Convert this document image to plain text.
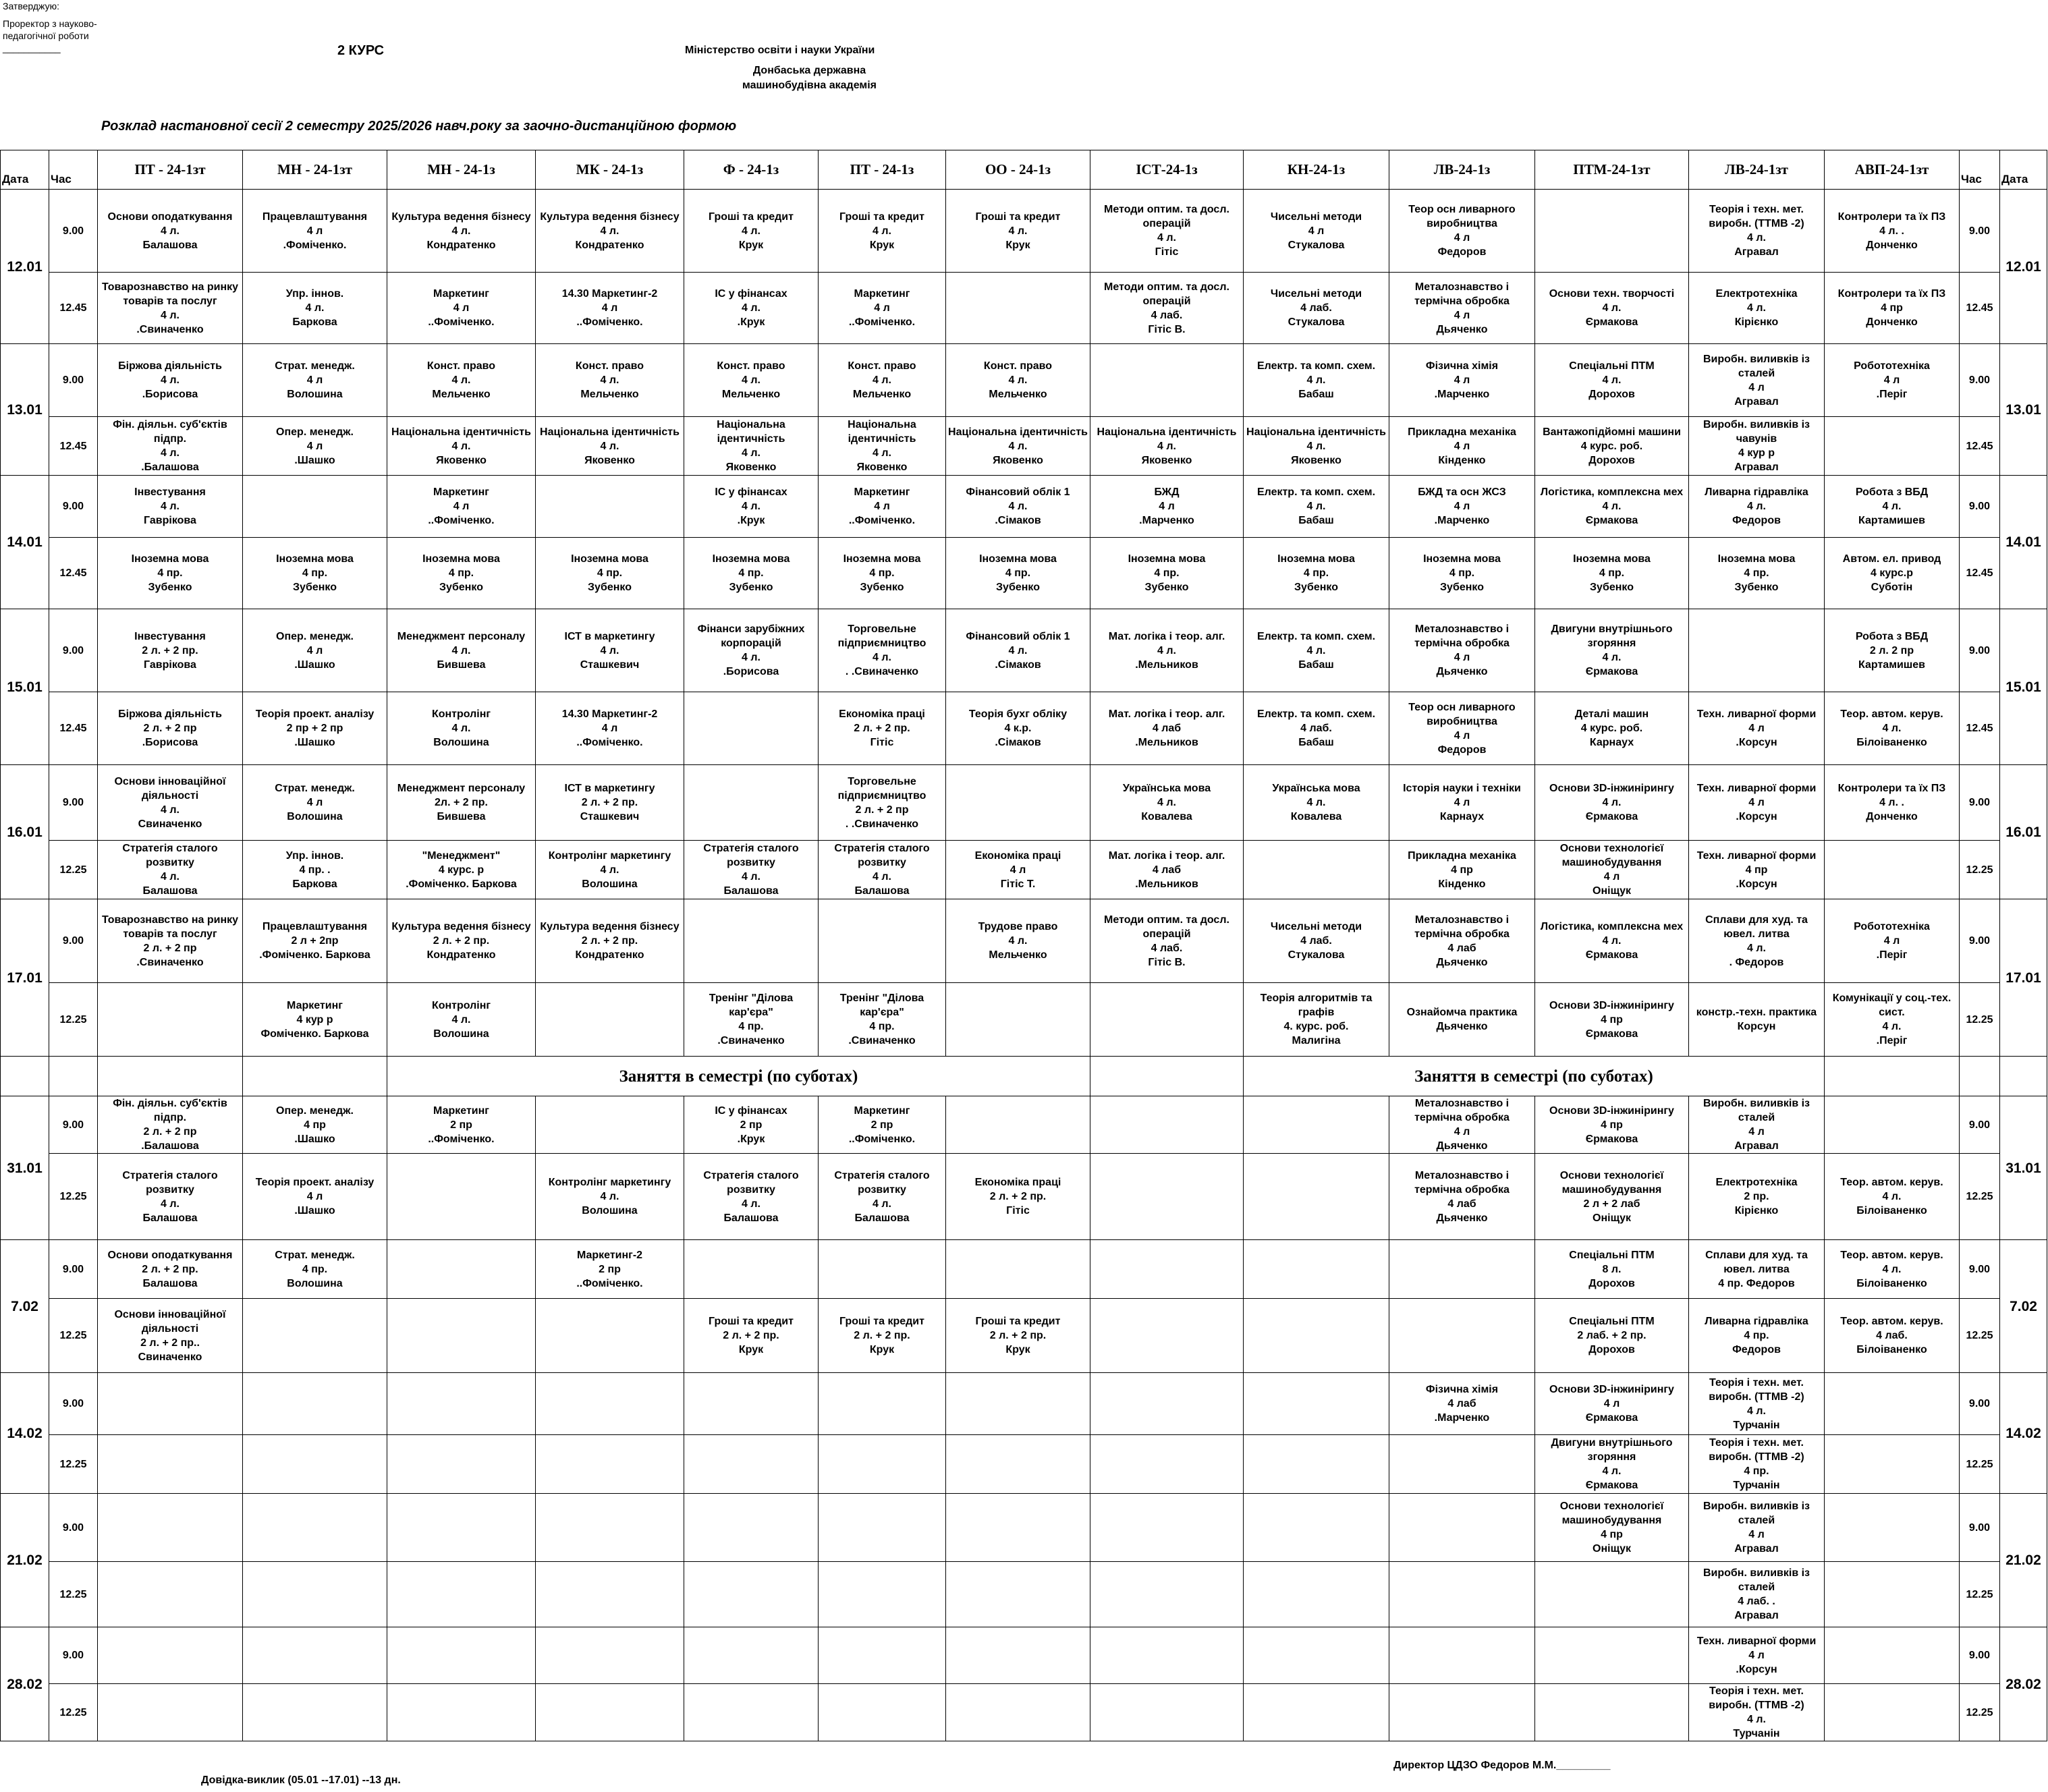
Затверджую:
Проректор з науково-
педагогічної роботи
___________	2 КУРС	Міністерство освіти і науки України
Донбаська державна
машинобудівна академія
Розклад настановної сесії 2 семестру 2025/2026 навч.року за заочно-дистанційною формою
Дата	Час	ПТ - 24-1зт	МН - 24-1зт	МН - 24-1з	МК - 24-1з	Ф - 24-1з	ПТ - 24-1з	ОО - 24-1з	ІСТ-24-1з	КН-24-1з	ЛВ-24-1з	ПТМ-24-1зт	ЛВ-24-1зт	АВП-24-1зт	Час	Дата
12.01	9.00	Основи оподаткування
4 л.
Балашова	Працевлаштування
4 л
.Фоміченко.	Культура ведення бізнесу
4 л.
Кондратенко	Культура ведення бізнесу
4 л.
Кондратенко	Гроші та кредит
4 л.
Крук	Гроші та кредит
4 л.
Крук	Гроші та кредит
4 л.
Крук	Методи оптим. та досл. операцій
4 л.
Гітіс	Чисельні методи
4 л
Стукалова	Теор осн ливарного виробництва
4 л
Федоров		Теорія і техн. мет. виробн. (ТТМВ -2)
4 л.
Агравал	Контролери та їх ПЗ
4 л. .
Донченко	9.00	12.01
	12.45	Товарознавство на ринку товарів та послуг
4 л.
.Свиначенко	Упр. іннов.
4 л.
Баркова	Маркетинг
4 л
..Фоміченко.	14.30 Маркетинг-2
4 л
..Фоміченко.	ІС у фінансах
4 л.
.Крук	Маркетинг
4 л
..Фоміченко.		Методи оптим. та досл. операцій
4 лаб.
Гітіс В.	Чисельні методи
4 лаб.
Стукалова	Металознавство і термічна обробка
4 л
Дьяченко	Основи техн. творчості
4 л.
Єрмакова	Електротехніка
4 л.
Кірієнко	Контролери та їх ПЗ
4 пр
Донченко	12.45	
13.01	9.00	Біржова діяльність
4 л.
.Борисова	Страт. менедж.
4 л
Волошина	Конст. право
4 л.
Мельченко	Конст. право
4 л.
Мельченко	Конст. право
4 л.
Мельченко	Конст. право
4 л.
Мельченко	Конст. право
4 л.
Мельченко		Електр. та комп. схем.
4 л.
Бабаш	Фізична хімія
4 л
.Марченко	Спеціальні ПТМ
4 л.
Дорохов	Виробн. виливків із сталей
4 л
Агравал	Робототехніка
4 л
.Періг	9.00	13.01
	12.45	Фін. діяльн. суб'єктів підпр.
4 л.
.Балашова	Опер. менедж.
4 л
.Шашко	Національна ідентичність
4 л.
Яковенко	Національна ідентичність
4 л.
Яковенко	Національна ідентичність
4 л.
Яковенко	Національна ідентичність
4 л.
Яковенко	Національна ідентичність
4 л.
Яковенко	Національна ідентичність
4 л.
Яковенко	Національна ідентичність
4 л.
Яковенко	Прикладна механіка
4 л
Кінденко	Вантажопідйомні машини
4 курс. роб.
Дорохов	Виробн. виливків із чавунів
4 кур р
Агравал		12.45	
14.01	9.00	Інвестування
4 л.
Гаврікова		Маркетинг
4 л
..Фоміченко.		ІС у фінансах
4 л.
.Крук	Маркетинг
4 л
..Фоміченко.	Фінансовий облік 1
4 л.
.Сімаков	БЖД
4 л
.Марченко	Електр. та комп. схем.
4 л.
Бабаш	БЖД та осн ЖСЗ
4 л
.Марченко	Логістика, комплексна мех
4 л.
Єрмакова	Ливарна гідравліка
4 л.
Федоров	Робота з ВБД
4 л.
Картамишев	9.00	14.01
	12.45	Іноземна мова
4 пр.
Зубенко	Іноземна мова
4 пр.
Зубенко	Іноземна мова
4 пр.
Зубенко	Іноземна мова
4 пр.
Зубенко	Іноземна мова
4 пр.
Зубенко	Іноземна мова
4 пр.
Зубенко	Іноземна мова
4 пр.
Зубенко	Іноземна мова
4 пр.
Зубенко	Іноземна мова
4 пр.
Зубенко	Іноземна мова
4 пр.
Зубенко	Іноземна мова
4 пр.
Зубенко	Іноземна мова
4 пр.
Зубенко	Автом. ел. привод
4 курс.р
Суботін	12.45	
15.01	9.00	Інвестування
2 л. + 2 пр.
Гаврікова	Опер. менедж.
4 л
.Шашко	Менеджмент персоналу
4 л.
Бившева	ІСТ в маркетингу
4 л.
Сташкевич	Фінанси зарубіжних корпорацій
4 л.
.Борисова	Торговельне підприємництво
4 л.
. .Свиначенко	Фінансовий облік 1
4 л.
.Сімаков	Мат. логіка і теор. алг.
4 л.
.Мельников	Електр. та комп. схем.
4 л.
Бабаш	Металознавство і термічна обробка
4 л
Дьяченко	Двигуни внутрішнього згоряння
4 л.
Єрмакова		Робота з ВБД
2 л. 2 пр
Картамишев	9.00	15.01
	12.45	Біржова діяльність
2 л. + 2 пр
.Борисова	Теорія проект. аналізу
2 пр + 2 пр
.Шашко	Контролінг
4 л.
Волошина	14.30 Маркетинг-2
4 л
..Фоміченко.		Економіка праці
2 л. + 2 пр.
Гітіс	Теорія бухг обліку
4 к.р.
.Сімаков	Мат. логіка і теор. алг.
4 лаб
.Мельников	Електр. та комп. схем.
4 лаб.
Бабаш	Теор осн ливарного виробництва
4 л
Федоров	Деталі машин
4 курс. роб.
Карнаух	Техн. ливарної форми
4 л
.Корсун	Теор. автом. керув.
4 л.
Білоіваненко	12.45	
16.01	9.00	Основи інноваційної діяльності
4 л.
Свиначенко	Страт. менедж.
4 л
Волошина	Менеджмент персоналу
2л. + 2 пр.
Бившева	ІСТ в маркетингу
2 л. + 2 пр.
Сташкевич		Торговельне підприємництво
2 л. + 2 пр
. .Свиначенко		Українська мова
4 л.
Ковалева	Українська мова
4 л.
Ковалева	Історія науки і техніки
4 л
Карнаух	Основи 3D-інжинірингу
4 л.
Єрмакова	Техн. ливарної форми
4 л
.Корсун	Контролери та їх ПЗ
4 л. .
Донченко	9.00	16.01
	12.25	Стратегія сталого розвитку
4 л.
Балашова	Упр. іннов.
4 пр. .
Баркова	"Менеджмент"
4 курс. р
.Фоміченко. Баркова	Контролінг маркетингу
4 л.
Волошина	Стратегія сталого розвитку
4 л.
Балашова	Стратегія сталого розвитку
4 л.
Балашова	Економіка праці
4 л
Гітіс Т.	Мат. логіка і теор. алг.
4 лаб
.Мельников		Прикладна механіка
4 пр
Кінденко	Основи технологієї машинобудування
4 л
Оніщук	Техн. ливарної форми
4 пр
.Корсун		12.25	
17.01	9.00	Товарознавство на ринку товарів та послуг
2 л. + 2 пр
.Свиначенко	Працевлаштування
2 л + 2пр
.Фоміченко. Баркова	Культура ведення бізнесу
2 л. + 2 пр.
Кондратенко	Культура ведення бізнесу
2 л. + 2 пр.
Кондратенко			Трудове право
4 л.
Мельченко	Методи оптим. та досл. операцій
4 лаб.
Гітіс В.	Чисельні методи
4 лаб.
Стукалова	Металознавство і термічна обробка
4 лаб
Дьяченко	Логістика, комплексна мех
4 л.
Єрмакова	Сплави для худ. та ювел. литва
4 л.
. Федоров	Робототехніка
4 л
.Періг	9.00	17.01
	12.25		Маркетинг
4 кур р
Фоміченко. Баркова	Контролінг
4 л.
Волошина		Тренінг "Ділова кар'єра"
4 пр.
.Свиначенко	Тренінг "Ділова кар'єра"
4 пр.
.Свиначенко			Теорія алгоритмів та графів
4. курс. роб.
Малигіна	Ознайомча практика
Дьяченко	Основи 3D-інжинірингу
4 пр
Єрмакова	констр.-техн. практика
Корсун	Комунікації у соц.-тех. сист.
4 л.
.Періг	12.25	
				Заняття в семестрі (по суботах)						Заняття в семестрі (по суботах)						
31.01	9.00	Фін. діяльн. суб'єктів підпр.
2 л. + 2 пр
.Балашова	Опер. менедж.
4 пр
.Шашко	Маркетинг
2 пр
..Фоміченко.		ІС у фінансах
2 пр
.Крук	Маркетинг
2 пр
..Фоміченко.				Металознавство і термічна обробка
4 л
Дьяченко	Основи 3D-інжинірингу
4 пр
Єрмакова	Виробн. виливків із сталей
4 л
Агравал		9.00	31.01
	12.25	Стратегія сталого розвитку
4 л.
Балашова	Теорія проект. аналізу
4 л
.Шашко		Контролінг маркетингу
4 л.
Волошина	Стратегія сталого розвитку
4 л.
Балашова	Стратегія сталого розвитку
4 л.
Балашова	Економіка праці
2 л. + 2 пр.
Гітіс			Металознавство і термічна обробка
4 лаб
Дьяченко	Основи технологієї машинобудування
2 л + 2 лаб
Оніщук	Електротехніка
2 пр.
Кірієнко	Теор. автом. керув.
4 л.
Білоіваненко	12.25	
7.02	9.00	Основи оподаткування
2 л. + 2 пр.
Балашова	Страт. менедж.
4 пр.
Волошина		Маркетинг-2
2 пр
..Фоміченко.							Спеціальні ПТМ
8 л.
Дорохов	Сплави для худ. та ювел. литва
4 пр. Федоров	Теор. автом. керув.
4 л.
Білоіваненко	9.00	7.02
	12.25	Основи інноваційної діяльності
2 л. + 2 пр..
Свиначенко				Гроші та кредит
2 л. + 2 пр.
Крук	Гроші та кредит
2 л. + 2 пр.
Крук	Гроші та кредит
2 л. + 2 пр.
Крук				Спеціальні ПТМ
2 лаб. + 2 пр.
Дорохов	Ливарна гідравліка
4 пр.
Федоров	Теор. автом. керув.
4 лаб.
Білоіваненко	12.25	
14.02	9.00										Фізична хімія
4 лаб
.Марченко	Основи 3D-інжинірингу
4 л
Єрмакова	Теорія і техн. мет. виробн. (ТТМВ -2)
4 л.
Турчанін		9.00	14.02
	12.25											Двигуни внутрішнього згоряння
4 л.
Єрмакова	Теорія і техн. мет. виробн. (ТТМВ -2)
4 пр.
Турчанін		12.25	
21.02	9.00											Основи технологієї машинобудування
4 пр
Оніщук	Виробн. виливків із сталей
4 л
Агравал		9.00	21.02
	12.25												Виробн. виливків із сталей
4 лаб. .
Агравал		12.25	
28.02	9.00												Техн. ливарної форми
4 л
.Корсун		9.00	28.02
	12.25												Теорія і техн. мет. виробн. (ТТМВ -2)
4 л.
Турчанін		12.25	
Довідка-виклик (05.01 --17.01) --13 дн.
Директор ЦДЗО Федоров М.М._________
